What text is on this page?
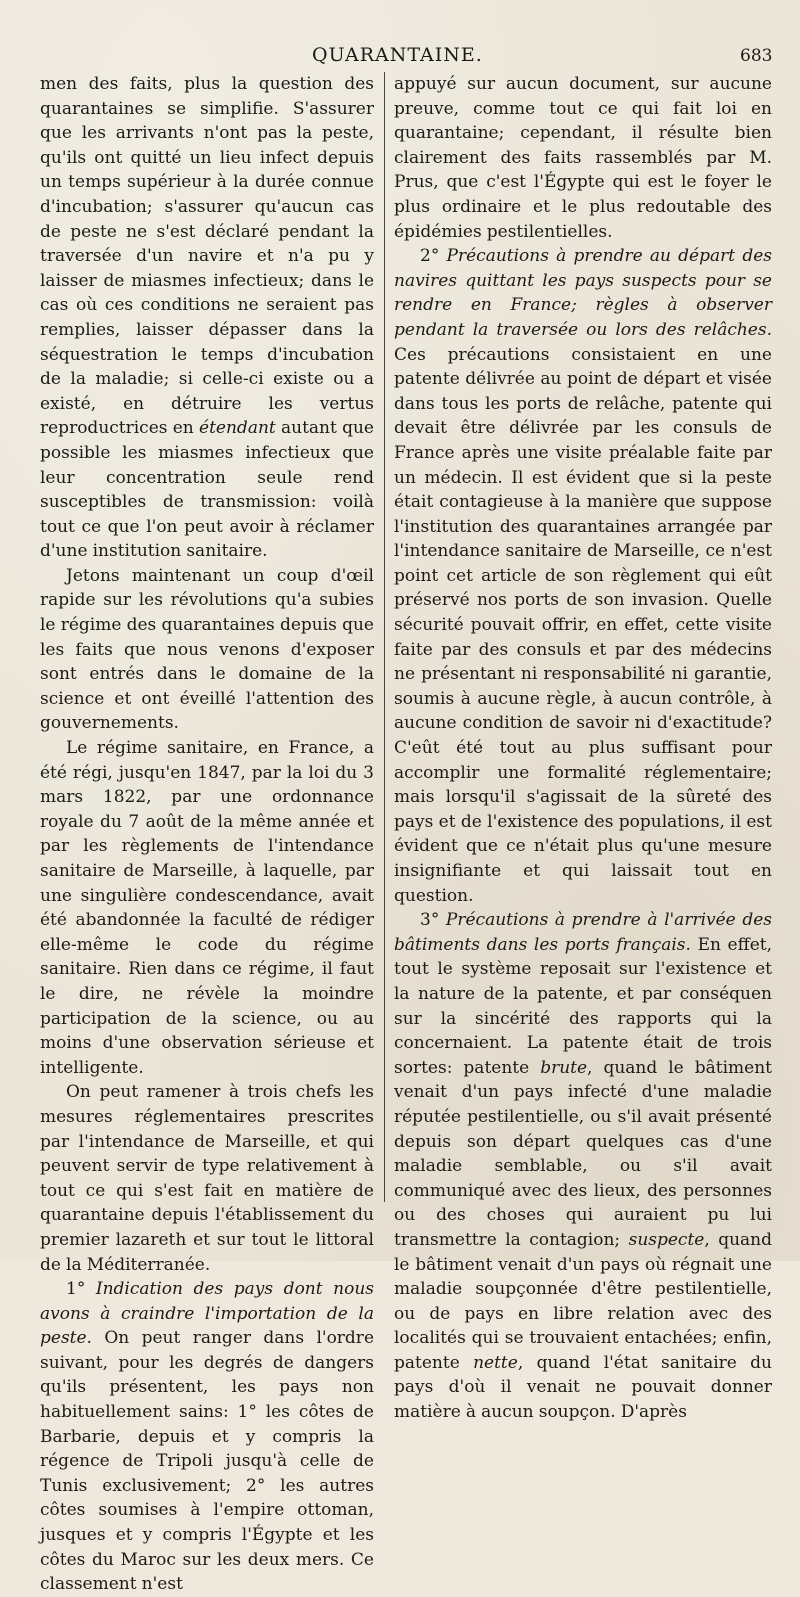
QUARANTAINE.	683

men des faits, plus la question des quarantaines se simplifie. S'assurer que les arrivants n'ont pas la peste, qu'ils ont quitté un lieu infect depuis un temps supérieur à la durée connue d'incubation; s'assurer qu'aucun cas de peste ne s'est déclaré pendant la traversée d'un navire et n'a pu y laisser de miasmes infectieux; dans le cas où ces conditions ne seraient pas remplies, laisser dépasser dans la séquestration le temps d'incubation de la maladie; si celle-ci existe ou a existé, en détruire les vertus reproductrices en étendant autant que possible les miasmes infectieux que leur concentration seule rend susceptibles de transmission: voilà tout ce que l'on peut avoir à réclamer d'une institution sanitaire.

Jetons maintenant un coup d'œil rapide sur les révolutions qu'a subies le régime des quarantaines depuis que les faits que nous venons d'exposer sont entrés dans le domaine de la science et ont éveillé l'attention des gouvernements.

Le régime sanitaire, en France, a été régi, jusqu'en 1847, par la loi du 3 mars 1822, par une ordonnance royale du 7 août de la même année et par les règlements de l'intendance sanitaire de Marseille, à laquelle, par une singulière condescendance, avait été abandonnée la faculté de rédiger elle-même le code du régime sanitaire. Rien dans ce régime, il faut le dire, ne révèle la moindre participation de la science, ou au moins d'une observation sérieuse et intelligente.

On peut ramener à trois chefs les mesures réglementaires prescrites par l'intendance de Marseille, et qui peuvent servir de type relativement à tout ce qui s'est fait en matière de quarantaine depuis l'établissement du premier lazareth et sur tout le littoral de la Méditerranée.

1° Indication des pays dont nous avons à craindre l'importation de la peste. On peut ranger dans l'ordre suivant, pour les degrés de dangers qu'ils présentent, les pays non habituellement sains: 1° les côtes de Barbarie, depuis et y compris la régence de Tripoli jusqu'à celle de Tunis exclusivement; 2° les autres côtes soumises à l'empire ottoman, jusques et y compris l'Égypte et les côtes du Maroc sur les deux mers. Ce classement n'est

appuyé sur aucun document, sur aucune preuve, comme tout ce qui fait loi en quarantaine; cependant, il résulte bien clairement des faits rassemblés par M. Prus, que c'est l'Égypte qui est le foyer le plus ordinaire et le plus redoutable des épidémies pestilentielles.

2° Précautions à prendre au départ des navires quittant les pays suspects pour se rendre en France; règles à observer pendant la traversée ou lors des relâches. Ces précautions consistaient en une patente délivrée au point de départ et visée dans tous les ports de relâche, patente qui devait être délivrée par les consuls de France après une visite préalable faite par un médecin. Il est évident que si la peste était contagieuse à la manière que suppose l'institution des quarantaines arrangée par l'intendance sanitaire de Marseille, ce n'est point cet article de son règlement qui eût préservé nos ports de son invasion. Quelle sécurité pouvait offrir, en effet, cette visite faite par des consuls et par des médecins ne présentant ni responsabilité ni garantie, soumis à aucune règle, à aucun contrôle, à aucune condition de savoir ni d'exactitude? C'eût été tout au plus suffisant pour accomplir une formalité réglementaire; mais lorsqu'il s'agissait de la sûreté des pays et de l'existence des populations, il est évident que ce n'était plus qu'une mesure insignifiante et qui laissait tout en question.

3° Précautions à prendre à l'arrivée des bâtiments dans les ports français. En effet, tout le système reposait sur l'existence et la nature de la patente, et par conséquen sur la sincérité des rapports qui la concernaient. La patente était de trois sortes: patente brute, quand le bâtiment venait d'un pays infecté d'une maladie réputée pestilentielle, ou s'il avait présenté depuis son départ quelques cas d'une maladie semblable, ou s'il avait communiqué avec des lieux, des personnes ou des choses qui auraient pu lui transmettre la contagion; suspecte, quand le bâtiment venait d'un pays où régnait une maladie soupçonnée d'être pestilentielle, ou de pays en libre relation avec des localités qui se trouvaient entachées; enfin, patente nette, quand l'état sanitaire du pays d'où il venait ne pouvait donner matière à aucun soupçon. D'après
